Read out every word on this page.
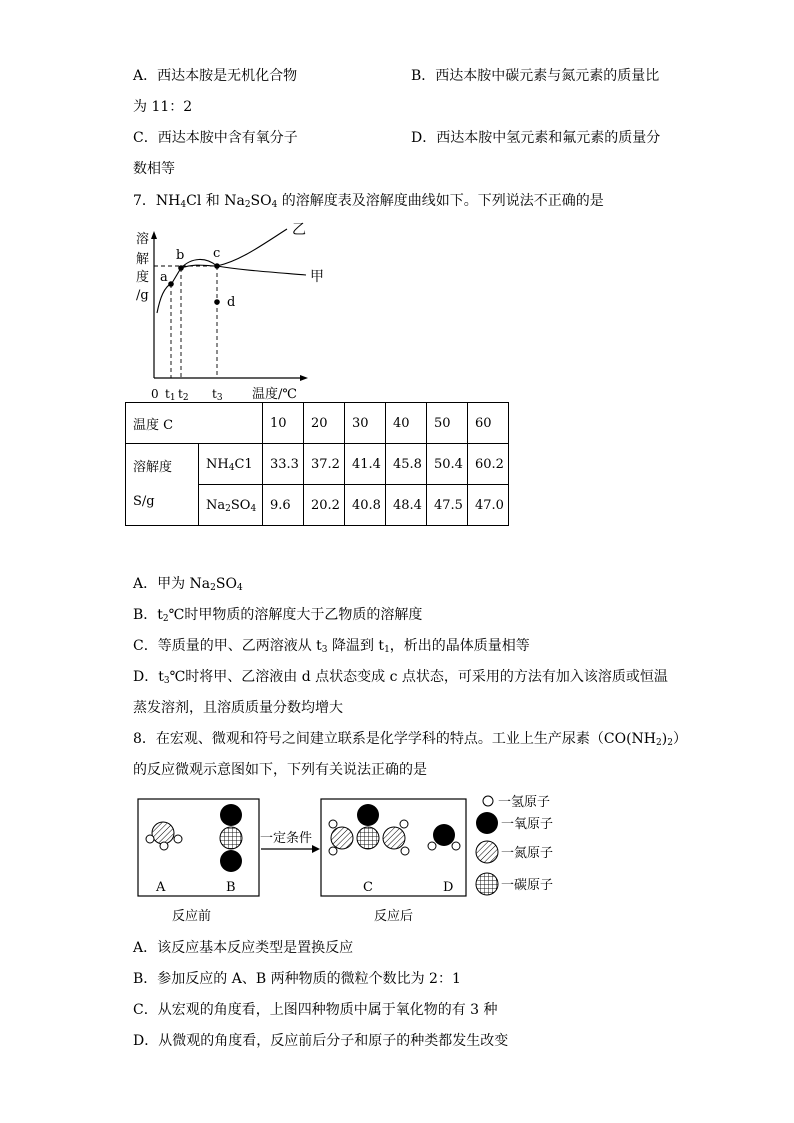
A．西达本胺是无机化合物	B．西达本胺中碳元素与氮元素的质量比
为 11：2
C．西达本胺中含有氧分子	D．西达本胺中氢元素和氟元素的质量分
数相等
7．$NH_4Cl$ 和 $Na_2SO_4$ 的溶解度表及溶解度曲线如下。下列说法不正确的是
溶
解
度
/g
乙
甲
a
b c
d
0 t1 t2 t3 温度/℃
A	B	C	D
一定条件
反应前	反应后
一氢原子
一氧原子
一氮原子
一碳原子
温度 C		10	20	30	40	50	60
溶解度
S/g	$NH_4C1$	33.3	37.2	41.4	45.8	50.4	60.2
	$Na_2SO_4$	9.6	20.2	40.8	48.4	47.5	47.0
A．甲为 $Na_2SO_4$
B．$t_2℃$时甲物质的溶解度大于乙物质的溶解度
C．等质量的甲、乙两溶液从 $t_3$ 降温到 $t_1$，析出的晶体质量相等
D．$t_3℃$时将甲、乙溶液由 d 点状态变成 c 点状态，可采用的方法有加入该溶质或恒温
蒸发溶剂，且溶质质量分数均增大
8．在宏观、微观和符号之间建立联系是化学学科的特点。工业上生产尿素$(CO(NH_2)_2)$
的反应微观示意图如下，下列有关说法正确的是
A．该反应基本反应类型是置换反应
B．参加反应的 A、B 两种物质的微粒个数比为 2：1
C．从宏观的角度看，上图四种物质中属于氧化物的有 3 种
D．从微观的角度看，反应前后分子和原子的种类都发生改变
